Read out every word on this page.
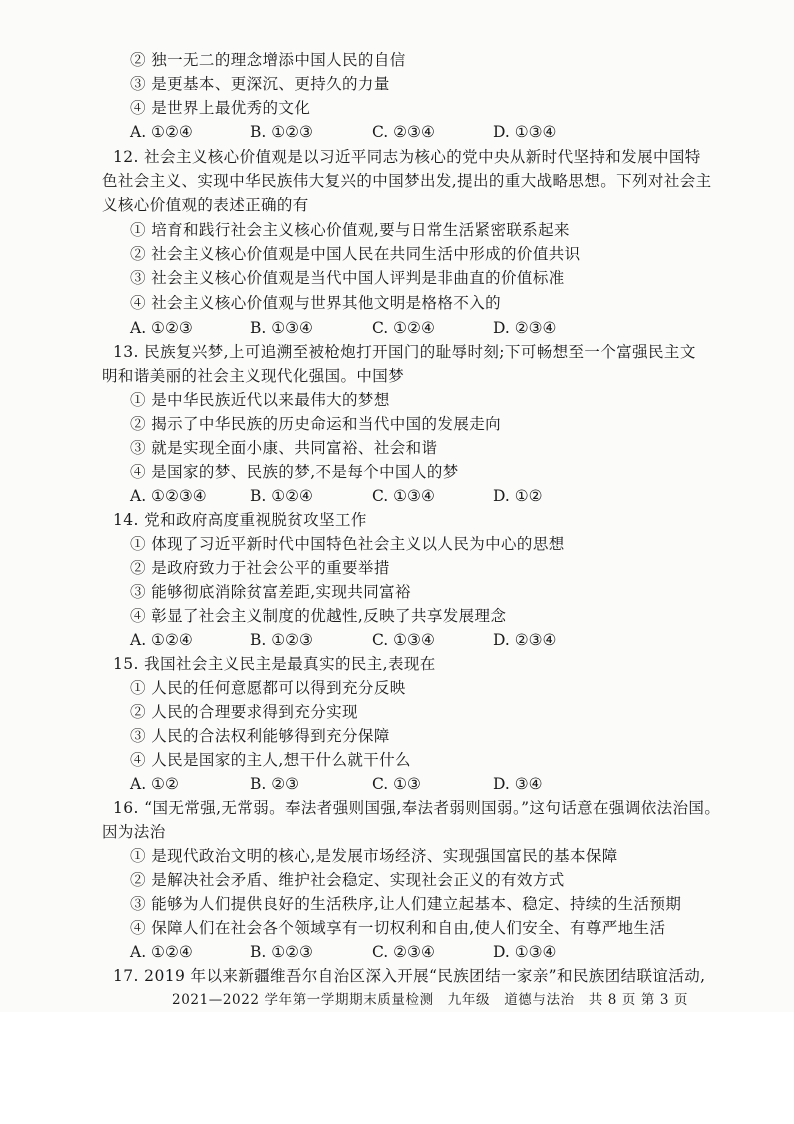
② 独一无二的理念增添中国人民的自信
③ 是更基本、更深沉、更持久的力量
④ 是世界上最优秀的文化
A. ①②④	B. ①②③	C. ②③④	D. ①③④
12. 社会主义核心价值观是以习近平同志为核心的党中央从新时代坚持和发展中国特
色社会主义、实现中华民族伟大复兴的中国梦出发,提出的重大战略思想。下列对社会主
义核心价值观的表述正确的有
① 培育和践行社会主义核心价值观,要与日常生活紧密联系起来
② 社会主义核心价值观是中国人民在共同生活中形成的价值共识
③ 社会主义核心价值观是当代中国人评判是非曲直的价值标准
④ 社会主义核心价值观与世界其他文明是格格不入的
A. ①②③	B. ①③④	C. ①②④	D. ②③④
13. 民族复兴梦,上可追溯至被枪炮打开国门的耻辱时刻;下可畅想至一个富强民主文
明和谐美丽的社会主义现代化强国。中国梦
① 是中华民族近代以来最伟大的梦想
② 揭示了中华民族的历史命运和当代中国的发展走向
③ 就是实现全面小康、共同富裕、社会和谐
④ 是国家的梦、民族的梦,不是每个中国人的梦
A. ①②③④	B. ①②④	C. ①③④	D. ①②
14. 党和政府高度重视脱贫攻坚工作
① 体现了习近平新时代中国特色社会主义以人民为中心的思想
② 是政府致力于社会公平的重要举措
③ 能够彻底消除贫富差距,实现共同富裕
④ 彰显了社会主义制度的优越性,反映了共享发展理念
A. ①②④	B. ①②③	C. ①③④	D. ②③④
15. 我国社会主义民主是最真实的民主,表现在
① 人民的任何意愿都可以得到充分反映
② 人民的合理要求得到充分实现
③ 人民的合法权利能够得到充分保障
④ 人民是国家的主人,想干什么就干什么
A. ①②	B. ②③	C. ①③	D. ③④
16. “国无常强,无常弱。奉法者强则国强,奉法者弱则国弱。”这句话意在强调依法治国。
因为法治
① 是现代政治文明的核心,是发展市场经济、实现强国富民的基本保障
② 是解决社会矛盾、维护社会稳定、实现社会正义的有效方式
③ 能够为人们提供良好的生活秩序,让人们建立起基本、稳定、持续的生活预期
④ 保障人们在社会各个领域享有一切权利和自由,使人们安全、有尊严地生活
A. ①②④	B. ①②③	C. ②③④	D. ①③④
17. 2019 年以来新疆维吾尔自治区深入开展“民族团结一家亲”和民族团结联谊活动,
2021—2022 学年第一学期期末质量检测　九年级　道德与法治　共 8 页 第 3 页
